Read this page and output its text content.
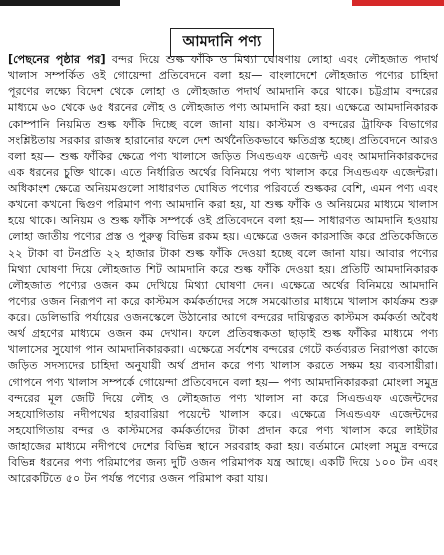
আমদানি পণ্য

[পেছনের পৃষ্ঠার পর] বন্দর দিয়ে শুল্ক ফাঁকি ও মিথ্যা ঘোষণায় লোহা এবং লৌহজাত পদার্থ খালাস সম্পর্কিত ওই গোয়েন্দা প্রতিবেদনে বলা হয়— বাংলাদেশে লৌহজাত পণ্যের চাহিদা পূরণের লক্ষ্যে বিদেশ থেকে লোহা ও লৌহজাত পদার্থ আমদানি করে থাকে। চট্টগ্রাম বন্দরের মাধ্যমে ৬০ থেকে ৬৫ ধরনের লৌহ ও লৌহজাত পণ্য আমদানি করা হয়। এক্ষেত্রে আমদানিকারক কোম্পানি নিয়মিত শুল্ক ফাঁকি দিচ্ছে বলে জানা যায়। কাস্টমস ও বন্দরের ট্রাফিক বিভাগের সংশ্লিষ্টতায় সরকার রাজস্ব হারানোর ফলে দেশ অর্থনৈতিকভাবে ক্ষতিগ্রস্ত হচ্ছে। প্রতিবেদনে আরও বলা হয়— শুল্ক ফাঁকির ক্ষেত্রে পণ্য খালাসে জড়িত সিএন্ডএফ এজেন্ট এবং আমদানিকারকদের এক ধরনের চুক্তি থাকে। এতে নির্ধারিত অর্থের বিনিময়ে পণ্য খালাস করে সিএন্ডএফ এজেন্টরা। অধিকাংশ ক্ষেত্রে অনিয়মগুলো সাধারণত ঘোষিত পণ্যের পরিবর্তে শুল্ককর বেশি, এমন পণ্য এবং কখনো কখনো দ্বিগুণ পরিমাণ পণ্য আমদানি করা হয়, যা শুল্ক ফাঁকি ও অনিয়মের মাধ্যমে খালাস হয়ে থাকে। অনিয়ম ও শুল্ক ফাঁকি সম্পর্কে ওই প্রতিবেদনে বলা হয়— সাধারণত আমদানি হওয়ায় লোহা জাতীয় পণ্যের প্রস্ত ও পুরুত্ব বিভিন্ন রকম হয়। এক্ষেত্রে ওজন কারসাজি করে প্রতিকেজিতে ২২ টাকা বা টনপ্রতি ২২ হাজার টাকা শুল্ক ফাঁকি দেওয়া হচ্ছে বলে জানা যায়। আবার পণ্যের মিথ্যা ঘোষণা দিয়ে লৌহজাত শিট আমদানি করে শুল্ক ফাঁকি দেওয়া হয়। প্রতিটি আমদানিকারক লৌহজাত পণ্যের ওজন কম দেখিয়ে মিথ্যা ঘোষণা দেন। এক্ষেত্রে অর্থের বিনিময়ে আমদানি পণ্যের ওজন নিরূপণ না করে কাস্টমস কর্মকর্তাদের সঙ্গে সমঝোতার মাধ্যমে খালাস কার্যক্রম শুরু করে। ডেলিভারি পর্যায়ের ওজনস্কেলে উঠানোর আগে বন্দরের দায়িত্বরত কাস্টমস কর্মকর্তা অবৈধ অর্থ গ্রহণের মাধ্যমে ওজন কম দেখান। ফলে প্রতিবন্ধকতা ছাড়াই শুল্ক ফাঁকির মাধ্যমে পণ্য খালাসের সুযোগ পান আমদানিকারকরা। এক্ষেত্রে সর্বশেষ বন্দরের গেটে কর্তব্যরত নিরাপত্তা কাজে জড়িত সদস্যদের চাহিদা অনুযায়ী অর্থ প্রদান করে পণ্য খালাস করতে সক্ষম হয় ব্যবসায়ীরা। গোপনে পণ্য খালাস সম্পর্কে গোয়েন্দা প্রতিবেদনে বলা হয়— পণ্য আমদানিকারকরা মোংলা সমুদ্র বন্দরের মূল জেটি দিয়ে লৌহ ও লৌহজাত পণ্য খালাস না করে সিএন্ডএফ এজেন্টদের সহযোগিতায় নদীপথের হারবারিয়া পয়েন্টে খালাস করে। এক্ষেত্রে সিএন্ডএফ এজেন্টদের সহযোগিতায় বন্দর ও কাস্টমসের কর্মকর্তাদের টাকা প্রদান করে পণ্য খালাস করে লাইটার জাহাজের মাধ্যমে নদীপথে দেশের বিভিন্ন স্থানে সরবরাহ করা হয়। বর্তমানে মোংলা সমুদ্র বন্দরে বিভিন্ন ধরনের পণ্য পরিমাপের জন্য দুটি ওজন পরিমাপক যন্ত্র আছে। একটি দিয়ে ১০০ টন এবং আরেকটিতে ৫০ টন পর্যন্ত পণ্যের ওজন পরিমাপ করা যায়।
